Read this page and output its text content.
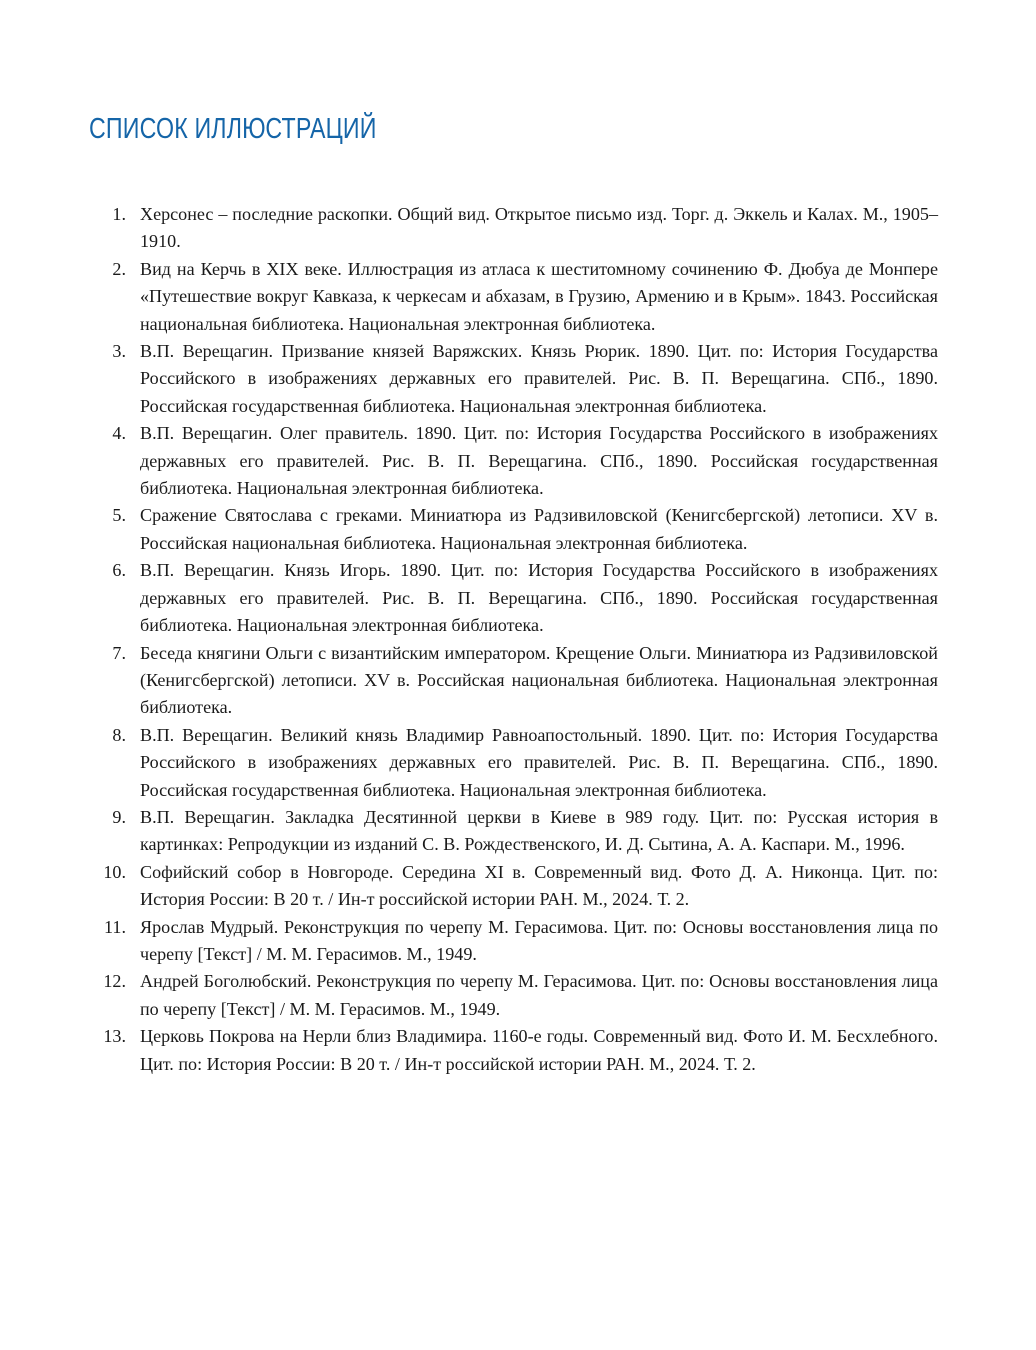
СПИСОК ИЛЛЮСТРАЦИЙ
1. Херсонес – последние раскопки. Общий вид. Открытое письмо изд. Торг. д. Эккель и Калах. М., 1905–1910.
2. Вид на Керчь в XIX веке. Иллюстрация из атласа к шеститомному сочинению Ф. Дюбуа де Монпере «Путешествие вокруг Кавказа, к черкесам и абхазам, в Грузию, Армению и в Крым». 1843. Российская национальная библиотека. Национальная электронная библиотека.
3. В.П. Верещагин. Призвание князей Варяжских. Князь Рюрик. 1890. Цит. по: История Государства Российского в изображениях державных его правителей. Рис. В. П. Верещагина. СПб., 1890. Российская государственная библиотека. Национальная электронная библиотека.
4. В.П. Верещагин. Олег правитель. 1890. Цит. по: История Государства Российского в изображениях державных его правителей. Рис. В. П. Верещагина. СПб., 1890. Российская государственная библиотека. Национальная электронная библиотека.
5. Сражение Святослава с греками. Миниатюра из Радзивиловской (Кенигсбергской) летописи. XV в. Российская национальная библиотека. Национальная электронная библиотека.
6. В.П. Верещагин. Князь Игорь. 1890. Цит. по: История Государства Российского в изображениях державных его правителей. Рис. В. П. Верещагина. СПб., 1890. Российская государственная библиотека. Национальная электронная библиотека.
7. Беседа княгини Ольги с византийским императором. Крещение Ольги. Миниатюра из Радзивиловской (Кенигсбергской) летописи. XV в. Российская национальная библиотека. Национальная электронная библиотека.
8. В.П. Верещагин. Великий князь Владимир Равноапостольный. 1890. Цит. по: История Государства Российского в изображениях державных его правителей. Рис. В. П. Верещагина. СПб., 1890. Российская государственная библиотека. Национальная электронная библиотека.
9. В.П. Верещагин. Закладка Десятинной церкви в Киеве в 989 году. Цит. по: Русская история в картинках: Репродукции из изданий С. В. Рождественского, И. Д. Сытина, А. А. Каспари. М., 1996.
10. Софийский собор в Новгороде. Середина XI в. Современный вид. Фото Д. А. Никонца. Цит. по: История России: В 20 т. / Ин-т российской истории РАН. М., 2024. Т. 2.
11. Ярослав Мудрый. Реконструкция по черепу М. Герасимова. Цит. по: Основы восстановления лица по черепу [Текст] / М. М. Герасимов. М., 1949.
12. Андрей Боголюбский. Реконструкция по черепу М. Герасимова. Цит. по: Основы восстановления лица по черепу [Текст] / М. М. Герасимов. М., 1949.
13. Церковь Покрова на Нерли близ Владимира. 1160-е годы. Современный вид. Фото И. М. Бесхлебного. Цит. по: История России: В 20 т. / Ин-т российской истории РАН. М., 2024. Т. 2.
